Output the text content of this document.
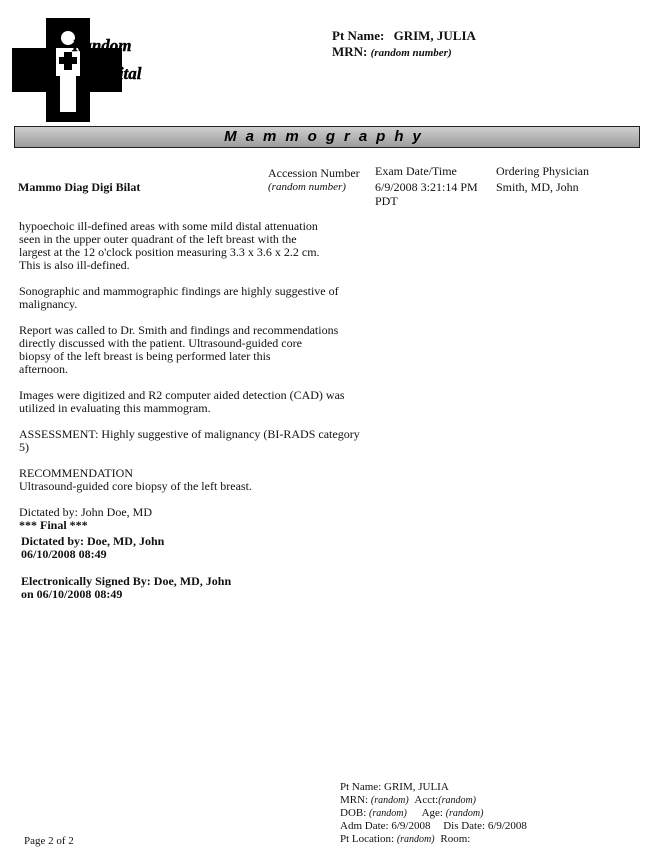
Random
Hospital
Pt Name: GRIM, JULIA
MRN: (random number)
Mammography
Mammo Diag Digi Bilat
Accession Number
(random number)
Exam Date/Time
6/9/2008 3:21:14 PM PDT
Ordering Physician
Smith, MD, John

hypoechoic ill-defined areas with some mild distal attenuation
seen in the upper outer quadrant of the left breast with the
largest at the 12 o'clock position measuring 3.3 x 3.6 x 2.2 cm.
This is also ill-defined.

Sonographic and mammographic findings are highly suggestive of
malignancy.

Report was called to Dr. Smith and findings and recommendations
directly discussed with the patient. Ultrasound-guided core
biopsy of the left breast is being performed later this
afternoon.

Images were digitized and R2 computer aided detection (CAD) was
utilized in evaluating this mammogram.

ASSESSMENT: Highly suggestive of malignancy (BI-RADS category 5)

RECOMMENDATION
Ultrasound-guided core biopsy of the left breast.

Dictated by: John Doe, MD
*** Final ***
Dictated by: Doe, MD, John
06/10/2008 08:49
Electronically Signed By: Doe, MD, John
on 06/10/2008 08:49
Pt Name: GRIM, JULIA
MRN: (random) Acct:(random)
DOB: (random) Age: (random)
Adm Date: 6/9/2008 Dis Date: 6/9/2008
Pt Location: (random) Room:
Page 2 of 2
